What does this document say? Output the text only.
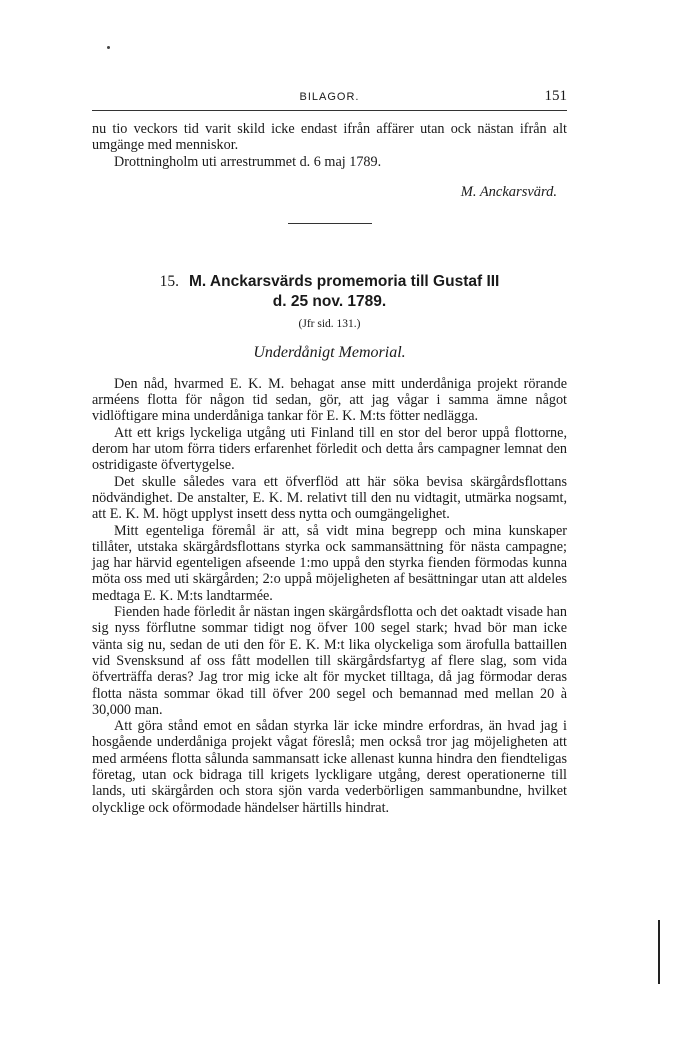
BILAGOR.	151

nu tio veckors tid varit skild icke endast ifrån affärer utan ock nästan ifrån alt umgänge med menniskor.

Drottningholm uti arrestrummet d. 6 maj 1789.

M. Anckarsvärd.
15. M. Anckarsvärds promemoria till Gustaf III
d. 25 nov. 1789.
(Jfr sid. 131.)
Underdånigt Memorial.

Den nåd, hvarmed E. K. M. behagat anse mitt underdåniga projekt rörande arméens flotta för någon tid sedan, gör, att jag vågar i samma ämne något vidlöftigare mina underdåniga tankar för E. K. M:ts fötter nedlägga.

Att ett krigs lyckeliga utgång uti Finland till en stor del beror uppå flottorne, derom har utom förra tiders erfarenhet förledit och detta års campagner lemnat den ostridigaste öfvertygelse.

Det skulle således vara ett öfverflöd att här söka bevisa skärgårdsflottans nödvändighet. De anstalter, E. K. M. relativt till den nu vidtagit, utmärka nogsamt, att E. K. M. högt upplyst insett dess nytta och oumgängelighet.

Mitt egenteliga föremål är att, så vidt mina begrepp och mina kunskaper tillåter, utstaka skärgårdsflottans styrka ock sammansättning för nästa campagne; jag har härvid egenteligen afseende 1:mo uppå den styrka fienden förmodas kunna möta oss med uti skärgården; 2:o uppå möjeligheten af besättningar utan att aldeles medtaga E. K. M:ts landtarmée.

Fienden hade förledit år nästan ingen skärgårdsflotta och det oaktadt visade han sig nyss förflutne sommar tidigt nog öfver 100 segel stark; hvad bör man icke vänta sig nu, sedan de uti den för E. K. M:t lika olyckeliga som ärofulla battaillen vid Svensksund af oss fått modellen till skärgårdsfartyg af flere slag, som vida öfverträffa deras? Jag tror mig icke alt för mycket tilltaga, då jag förmodar deras flotta nästa sommar ökad till öfver 200 segel och bemannad med mellan 20 à 30,000 man.

Att göra stånd emot en sådan styrka lär icke mindre erfordras, än hvad jag i hosgående underdåniga projekt vågat föreslå; men också tror jag möjeligheten att med arméens flotta sålunda sammansatt icke allenast kunna hindra den fiendteligas företag, utan ock bidraga till krigets lyckligare utgång, derest operationerne till lands, uti skärgården och stora sjön varda vederbörligen sammanbundne, hvilket olycklige ock oförmodade händelser härtills hindrat.
